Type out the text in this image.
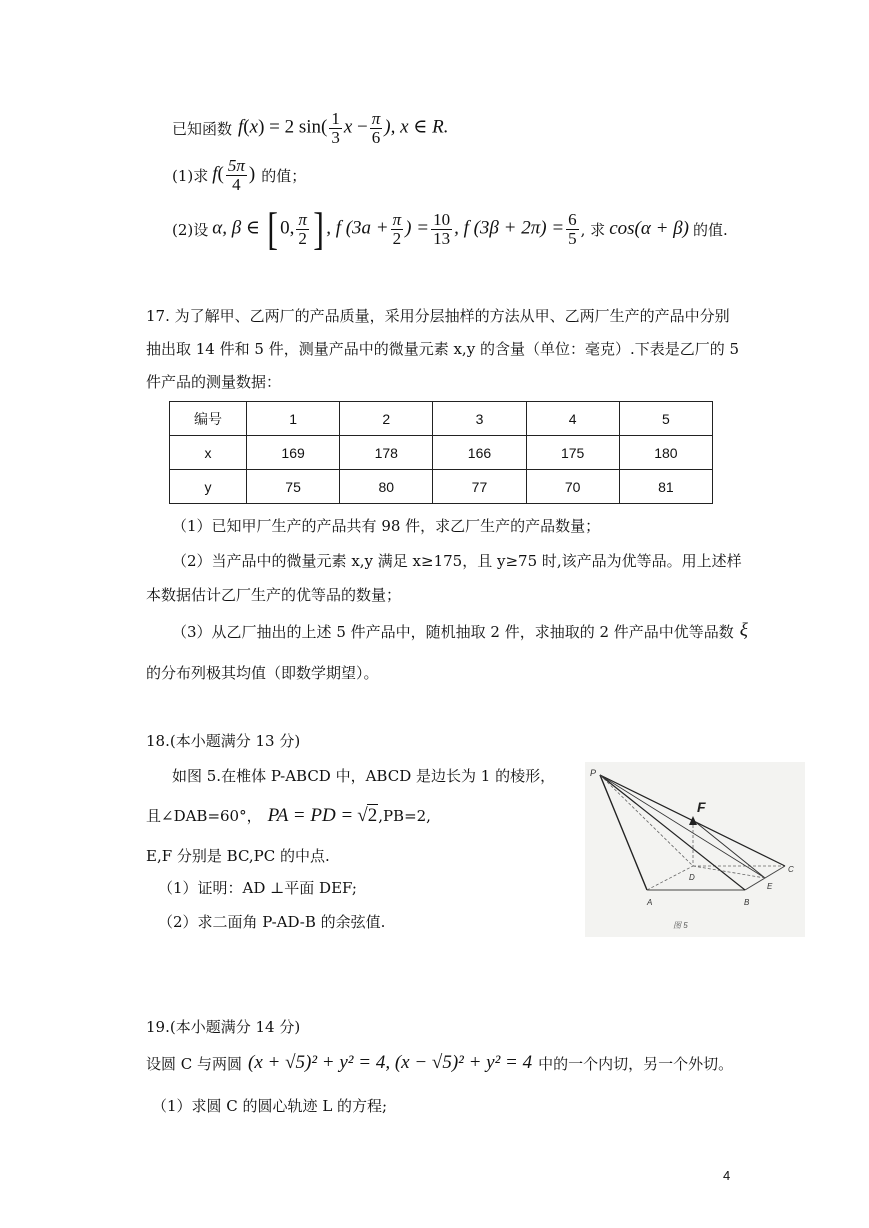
已知函数 f(x) = 2 $\sin( \frac{1}{3}$ $x - \frac{\pi}{6}$ ), x ∈ R.
(1)求 $f( \frac{5\pi}{4}$ ) 的值；
(2)设 α, β ∈ [ 0, $\frac{\pi}{2}$ ] , f ($3a + \frac{\pi}{2}$ ) = $\frac{10}{13}$ , f $(3\beta + 2\pi) = \frac{6}{5}$ , 求 cos(α + β) 的值.
17. 为了解甲、乙两厂的产品质量，采用分层抽样的方法从甲、乙两厂生产的产品中分别
抽出取 14 件和 5 件，测量产品中的微量元素 x,y 的含量（单位：毫克）.下表是乙厂的 5
件产品的测量数据：
编号	1	2	3	4	5
x	169	178	166	175	180
y	75	80	77	70	81
（1）已知甲厂生产的产品共有 98 件，求乙厂生产的产品数量；
（2）当产品中的微量元素 x,y 满足 x≥175，且 y≥75 时,该产品为优等品。用上述样
本数据估计乙厂生产的优等品的数量；
（3）从乙厂抽出的上述 5 件产品中，随机抽取 2 件，求抽取的 2 件产品中优等品数 ξ
的分布列极其均值（即数学期望）。
18.(本小题满分 13 分)
如图 5.在椎体 P-ABCD 中，ABCD 是边长为 1 的棱形，
且∠DAB=60°， PA = PD = √2 ,PB=2,
E,F 分别是 BC,PC 的中点.
（1）证明：AD ⊥平面 DEF;
（2）求二面角 P-AD-B 的余弦值.
P
F
D
C
E
A	B
图 5
19.(本小题满分 14 分)
设圆 C 与两圆 (x + √5)² + y² = 4, (x − √5)² + y² = 4 中的一个内切，另一个外切。
（1）求圆 C 的圆心轨迹 L 的方程;
4
